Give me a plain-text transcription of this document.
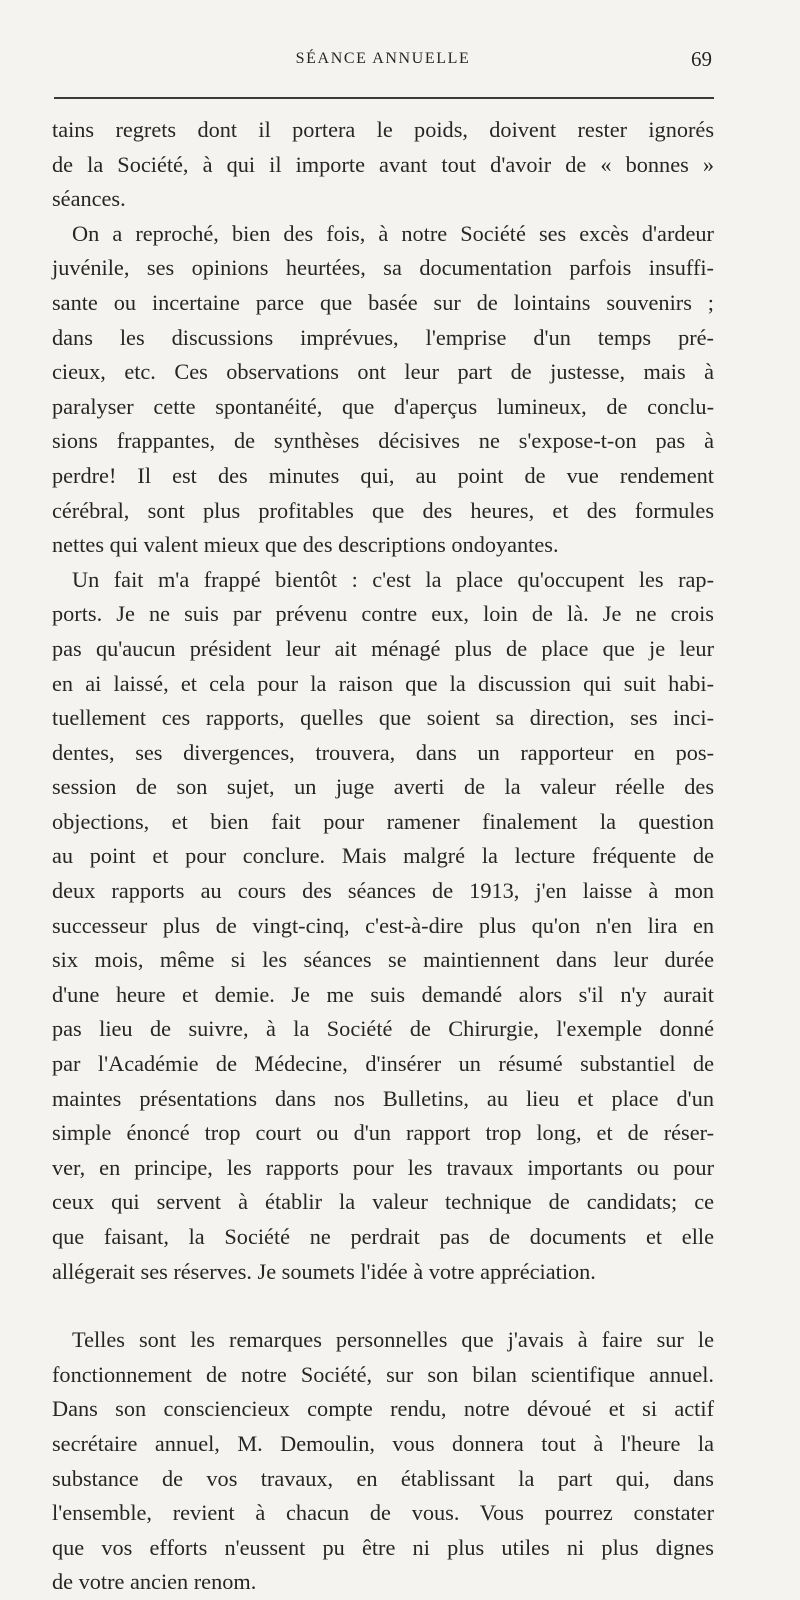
SÉANCE ANNUELLE	69
tains regrets dont il portera le poids, doivent rester ignorés
de la Société, à qui il importe avant tout d'avoir de « bonnes »
séances.
On a reproché, bien des fois, à notre Société ses excès d'ardeur
juvénile, ses opinions heurtées, sa documentation parfois insuffi-
sante ou incertaine parce que basée sur de lointains souvenirs ;
dans les discussions imprévues, l'emprise d'un temps pré-
cieux, etc. Ces observations ont leur part de justesse, mais à
paralyser cette spontanéité, que d'aperçus lumineux, de conclu-
sions frappantes, de synthèses décisives ne s'expose-t-on pas à
perdre! Il est des minutes qui, au point de vue rendement
cérébral, sont plus profitables que des heures, et des formules
nettes qui valent mieux que des descriptions ondoyantes.
Un fait m'a frappé bientôt : c'est la place qu'occupent les rap-
ports. Je ne suis par prévenu contre eux, loin de là. Je ne crois
pas qu'aucun président leur ait ménagé plus de place que je leur
en ai laissé, et cela pour la raison que la discussion qui suit habi-
tuellement ces rapports, quelles que soient sa direction, ses inci-
dentes, ses divergences, trouvera, dans un rapporteur en pos-
session de son sujet, un juge averti de la valeur réelle des
objections, et bien fait pour ramener finalement la question
au point et pour conclure. Mais malgré la lecture fréquente de
deux rapports au cours des séances de 1913, j'en laisse à mon
successeur plus de vingt-cinq, c'est-à-dire plus qu'on n'en lira en
six mois, même si les séances se maintiennent dans leur durée
d'une heure et demie. Je me suis demandé alors s'il n'y aurait
pas lieu de suivre, à la Société de Chirurgie, l'exemple donné
par l'Académie de Médecine, d'insérer un résumé substantiel de
maintes présentations dans nos Bulletins, au lieu et place d'un
simple énoncé trop court ou d'un rapport trop long, et de réser-
ver, en principe, les rapports pour les travaux importants ou pour
ceux qui servent à établir la valeur technique de candidats; ce
que faisant, la Société ne perdrait pas de documents et elle
allégerait ses réserves. Je soumets l'idée à votre appréciation.
Telles sont les remarques personnelles que j'avais à faire sur le
fonctionnement de notre Société, sur son bilan scientifique annuel.
Dans son consciencieux compte rendu, notre dévoué et si actif
secrétaire annuel, M. Demoulin, vous donnera tout à l'heure la
substance de vos travaux, en établissant la part qui, dans
l'ensemble, revient à chacun de vous. Vous pourrez constater
que vos efforts n'eussent pu être ni plus utiles ni plus dignes
de votre ancien renom.
